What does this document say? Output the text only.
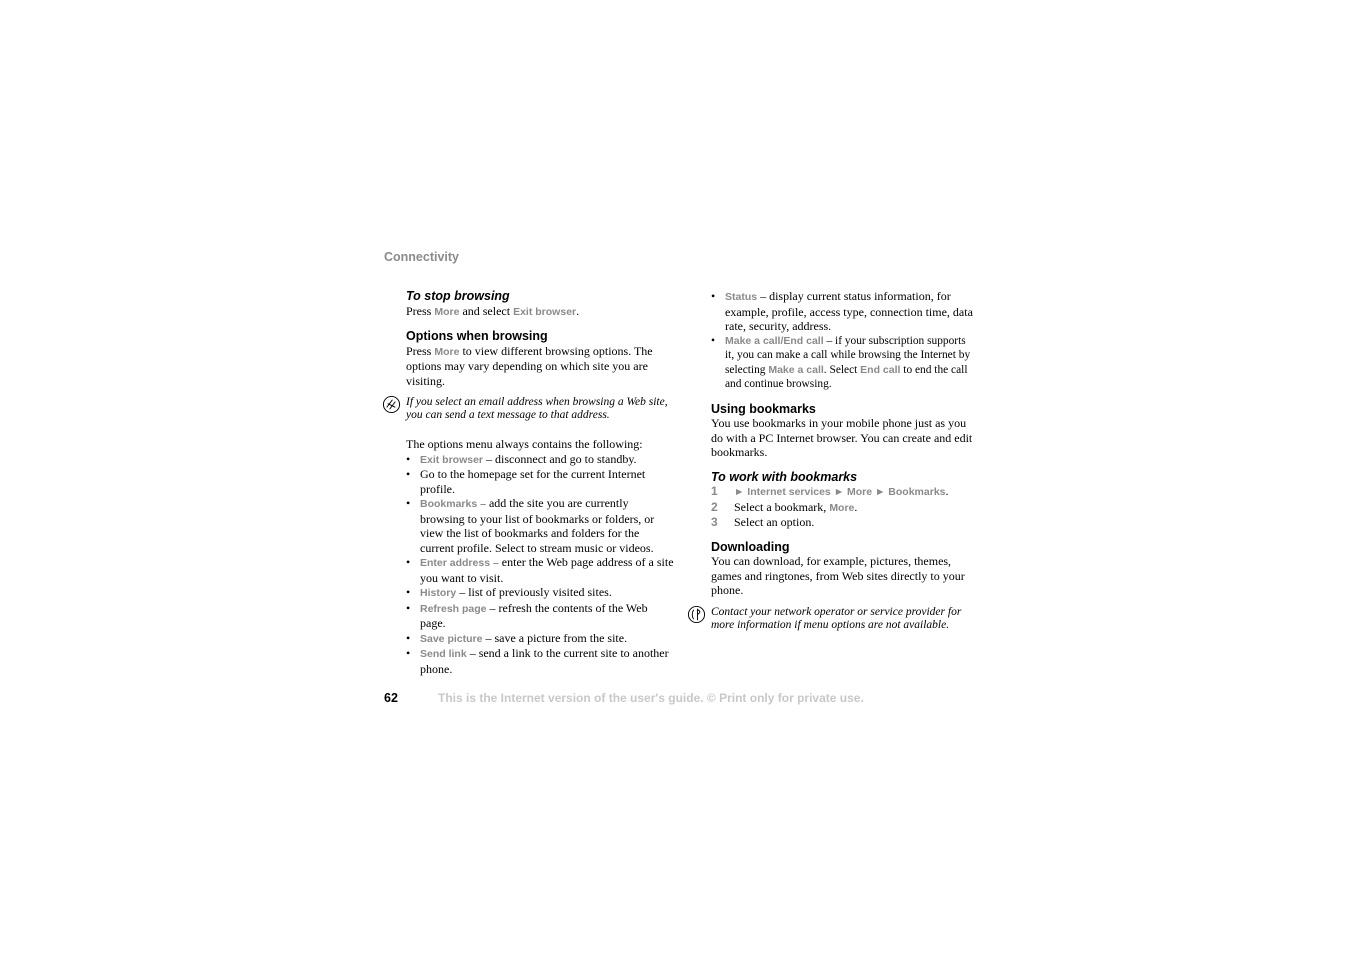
Connectivity
To stop browsing

Press More and select Exit browser.

Options when browsing

Press More to view different browsing options. The options may vary depending on which site you are visiting.

If you select an email address when browsing a Web site, you can send a text message to that address.

The options menu always contains the following:

• Exit browser – disconnect and go to standby.
• Go to the homepage set for the current Internet profile.
• Bookmarks – add the site you are currently browsing to your list of bookmarks or folders, or view the list of bookmarks and folders for the current profile. Select to stream music or videos.
• Enter address – enter the Web page address of a site you want to visit.
• History – list of previously visited sites.
• Refresh page – refresh the contents of the Web page.
• Save picture – save a picture from the site.
• Send link – send a link to the current site to another phone.
• Status – display current status information, for example, profile, access type, connection time, data rate, security, address.
• Make a call/End call – if your subscription supports it, you can make a call while browsing the Internet by selecting Make a call. Select End call to end the call and continue browsing.
Using bookmarks

You use bookmarks in your mobile phone just as you do with a PC Internet browser. You can create and edit bookmarks.

To work with bookmarks
1	► Internet services ► More ► Bookmarks.
2	Select a bookmark, More.
3	Select an option.
Downloading

You can download, for example, pictures, themes, games and ringtones, from Web sites directly to your phone.

Contact your network operator or service provider for more information if menu options are not available.
62	This is the Internet version of the user's guide. © Print only for private use.
